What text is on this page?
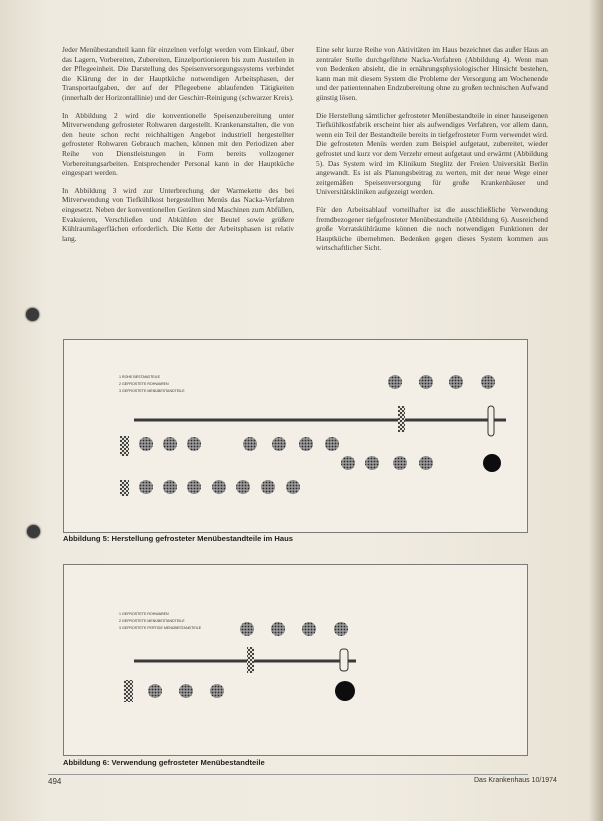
Jeder Menübestandteil kann für einzelnen verfolgt werden vom Einkauf, über das Lagern, Vorbereiten, Zubereiten, Einzelportionieren bis zum Austeilen in der Pflegeeinheit. Die Darstellung des Speisenversorgungssystems verbindet die Klärung der in der Hauptküche notwendigen Arbeitsphasen, der Transportaufgaben, der auf der Pflegeebene ablaufenden Tätigkeiten (innerhalb der Horizontallinie) und der Geschirr-Reinigung (schwarzer Kreis).

In Abbildung 2 wird die konventionelle Speisenzubereitung unter Mitverwendung gefrosteter Rohwaren dargestellt. Krankenanstalten, die von den heute schon recht reichhaltigen Angebot industriell hergestellter gefrosteter Rohwaren Gebrauch machen, können mit den Periodizen aber Reihe von Dienstleistungen in Form bereits vollzogener Vorbereitungsarbeiten. Entsprechender Personal kann in der Hauptküche eingespart werden.

In Abbildung 3 wird zur Unterbrechung der Warmekette des bei Mitverwendung von Tiefkühlkost hergestellten Menüs das Nacka-Verfahren eingesetzt. Neben der konventionellen Geräten sind Maschinen zum Abfüllen, Evakuieren, Verschließen und Abkühlen der Beutel sowie größere Kühlraumlagerflächen erforderlich. Die Kette der Arbeitsphasen ist relativ lang.

Eine sehr kurze Reihe von Aktivitäten im Haus bezeichnet das außer Haus an zentraler Stelle durchgeführte Nacka-Verfahren (Abbildung 4). Wenn man von Bedenken absieht, die in ernährungsphysiologischer Hinsicht bestehen, kann man mit diesem System die Probleme der Versorgung am Wochenende und der patientennahen Endzubereitung ohne zu großen technischen Aufwand günstig lösen.

Die Herstellung sämtlicher gefrosteter Menübestandteile in einer hauseigenen Tiefkühlkostfabrik erscheint hier als aufwendiges Verfahren, vor allem dann, wenn ein Teil der Bestandteile bereits in tiefgefrosteter Form verwendet wird. Die gefrosteten Menüs werden zum Beispiel aufgetaut, zubereitet, wieder gefrostet und kurz vor dem Verzehr erneut aufgetaut und erwärmt (Abbildung 5). Das System wird im Klinikum Steglitz der Freien Universität Berlin angewandt. Es ist als Planungsbeitrag zu werten, mit der neue Wege einer zeitgemäßen Speisenversorgung für große Krankenhäuser und Universitätskliniken aufgezeigt werden.

Für den Arbeitsablauf vorteilhafter ist die ausschließliche Verwendung fremdbezogener tiefgefrosteter Menübestandteile (Abbildung 6). Ausreichend große Vorratskühlräume können die noch notwendigen Funktionen der Hauptküche übernehmen. Bedenken gegen dieses System kommen aus wirtschaftlicher Sicht.

1 ROHE BESTANDTEILE
2 GEFROSTETE ROHWAREN
3 GEFROSTETE MENÜBESTANDTEILE
Abbildung 5: Herstellung gefrosteter Menübestandteile im Haus
1 GEFROSTETE ROHWAREN
2 GEFROSTETE MENÜBESTANDTEILE
3 GEFROSTETE FERTIGE MENÜBESTANDTEILE
Abbildung 6: Verwendung gefrosteter Menübestandteile
494	Das Krankenhaus 10/1974
